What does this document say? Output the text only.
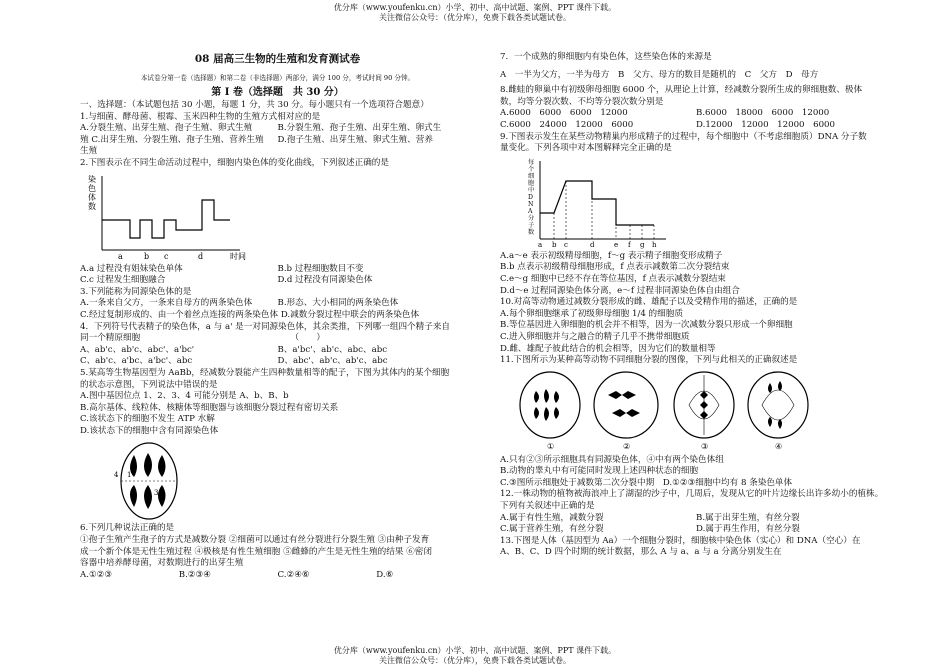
优分库（www.youfenku.cn）小学、初中、高中试题、案例、PPT 课件下载。
关注微信公众号：（优分库），免费下载各类试题试卷。

08 届高三生物的生殖和发育测试卷

本试卷分第一卷（选择题）和第二卷（非选择题）两部分，满分 100 分，考试时间 90 分钟。

第 I 卷（选择题　共 30 分）

一、选择题：（本试题包括 30 小题，每题 1 分，共 30 分。每小题只有一个选项符合题意）

1.与细菌、酵母菌、根霉、玉米四种生物的生殖方式相对应的是

A.分裂生殖、出芽生殖、孢子生殖、卵式生殖	B.分裂生殖、孢子生殖、出芽生殖、卵式生
殖 C.出芽生殖、分裂生殖、孢子生殖、营养生殖	D.孢子生殖、出芽生殖、卵式生殖、营养

生殖

2.下图表示在不同生命活动过程中，细胞内染色体的变化曲线，下列叙述正确的是

染
色
体
数
a	b c	d	时间
A.a 过程没有姐妹染色单体	B.b 过程细胞数目不变
C.c 过程发生细胞融合	D.d 过程没有同源染色体

3.下列能称为同源染色体的是

A.一条来自父方，一条来自母方的两条染色体	B.形态、大小相同的两条染色体

C.经过复制形成的、由一个着丝点连接的两条染色体 D.减数分裂过程中联会的两条染色体

4．下列符号代表精子的染色体，a 与 a' 是一对同源染色体，其余类推，下列哪一组四个精子来自

同一个精原细胞　　　　　　　　　　　　　　　　　　（　　）

A、ab'c、ab'c、abc'、a'bc'	B、a'bc'、ab'c、abc、abc
C、ab'c、a'bc、a'bc'、abc	D、abc'、ab'c、ab'c、abc

5.某高等生物基因型为 AaBb，经减数分裂能产生四种数量相等的配子，下图为其体内的某个细胞

的状态示意图，下列说法中错误的是

A.图中基因位点 1、2、3、4 可能分别是 A、b、B、b

B.高尔基体、线粒体、核糖体等细胞器与该细胞分裂过程有密切关系

C.该状态下的细胞不发生 ATP 水解

D.该状态下的细胞中含有同源染色体

1
2 3
4

6.下列几种说法正确的是

①孢子生殖产生孢子的方式是减数分裂 ②细菌可以通过有丝分裂进行分裂生殖 ③由种子发育

成一个新个体是无性生殖过程 ④极核是有性生殖细胞 ⑤雌蜂的产生是无性生殖的结果 ⑥密闭

容器中培养酵母菌，对数期进行的出芽生殖

A.①②③	B.②③④	C.②④⑥	D.⑥

7．一个成熟的卵细胞内有染色体，这些染色体的来源是

A　一半为父方，一半为母方　 B　父方、母方的数目是随机的　 C　父方　 D　母方

8.雌蛙的卵巢中有初级卵母细胞 6000 个，从理论上计算，经减数分裂所生成的卵细胞数、极体

数，均等分裂次数、不均等分裂次数分别是

A.6000　6000　6000　12000	B.6000　18000　6000　12000
C.6000　24000　12000　6000	D.12000　12000　12000　6000

9.下图表示发生在某些动物精巢内形成精子的过程中，每个细胞中（不考虑细胞质）DNA 分子数

量变化。下列各项中对本图解释完全正确的是

每
个
细
胞
中
D
N
A
分
子
数
a b c	d	e f g h

A.a～e 表示初级精母细胞，f～g 表示精子细胞变形成精子

B.b 点表示初级精母细胞形成，f 点表示减数第二次分裂结束

C.e～g 细胞中已经不存在等位基因，f 点表示减数分裂结束

D.d～e 过程同源染色体分离，e～f 过程非同源染色体自由组合

10.对高等动物通过减数分裂形成的雌、雄配子以及受精作用的描述，正确的是

A.每个卵细胞继承了初级卵母细胞 1/4 的细胞质

B.等位基因进入卵细胞的机会并不相等，因为一次减数分裂只形成一个卵细胞

C.进入卵细胞并与之融合的精子几乎不携带细胞质

D.雌、雄配子彼此结合的机会相等，因为它们的数量相等

11.下图所示为某种高等动物不同细胞分裂的图像，下列与此相关的正确叙述是

①	②	③	④

A.只有②③所示细胞具有同源染色体，④中有两个染色体组

B.动物的睾丸中有可能同时发现上述四种状态的细胞

C.③图所示细胞处于减数第二次分裂中期　 D.①②③细胞中均有 8 条染色单体

12.一株动物的植物被海浪冲上了湖湿的沙子中，几周后，发现从它的叶片边缘长出许多幼小的植株。

下列有关叙述中正确的是

A.属于有性生殖，减数分裂	B.属于出芽生殖，有丝分裂
C.属于营养生殖，有丝分裂	D.属于再生作用，有丝分裂

13.下图是人体（基因型为 Aa）一个细胞分裂时，细胞核中染色体（实心）和 DNA（空心）在

A、B、C、D 四个时期的统计数据，那么 A 与 a、a 与 a 分离分别发生在

优分库（www.youfenku.cn）小学、初中、高中试题、案例、PPT 课件下载。
关注微信公众号：（优分库），免费下载各类试题试卷。
